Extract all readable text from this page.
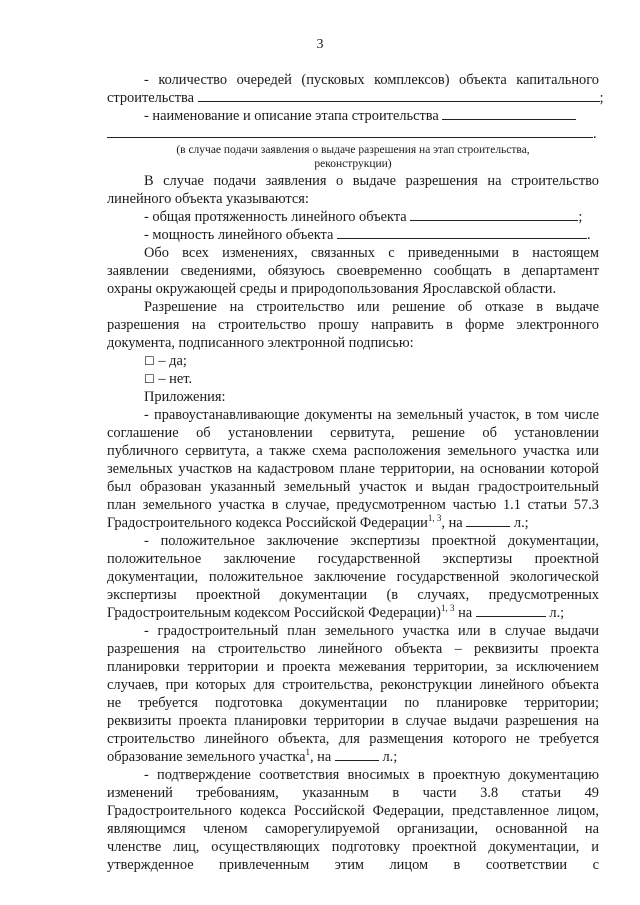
3
- количество очередей (пусковых комплексов) объекта капитального
строительства	;
- наименование и описание этапа строительства
.
(в случае подачи заявления о выдаче разрешения на этап строительства,
реконструкции)
В случае подачи заявления о выдаче разрешения на строительство
линейного объекта указываются:
- общая протяженность линейного объекта	;
- мощность линейного объекта	.
Обо всех изменениях, связанных с приведенными в настоящем
заявлении сведениями, обязуюсь своевременно сообщать в департамент
охраны окружающей среды и природопользования Ярославской области.
Разрешение на строительство или решение об отказе в выдаче
разрешения на строительство прошу направить в форме электронного
документа, подписанного электронной подписью:
☐ – да;
☐ – нет.
Приложения:
- правоустанавливающие документы на земельный участок, в том числе
соглашение об установлении сервитута, решение об установлении
публичного сервитута, а также схема расположения земельного участка или
земельных участков на кадастровом плане территории, на основании которой
был образован указанный земельный участок и выдан градостроительный
план земельного участка в случае, предусмотренном частью 1.1 статьи 57.3
Градостроительного кодекса Российской Федерации$^{1, 3}$, на	л.;
- положительное заключение экспертизы проектной документации,
положительное заключение государственной экспертизы проектной
документации, положительное заключение государственной экологической
экспертизы проектной документации (в случаях, предусмотренных
Градостроительным кодексом Российской Федерации)$^{1, 3}$ на	л.;
- градостроительный план земельного участка или в случае выдачи
разрешения на строительство линейного объекта – реквизиты проекта
планировки территории и проекта межевания территории, за исключением
случаев, при которых для строительства, реконструкции линейного объекта
не требуется подготовка документации по планировке территории;
реквизиты проекта планировки территории в случае выдачи разрешения на
строительство линейного объекта, для размещения которого не требуется
образование земельного участка$^1$, на	л.;
- подтверждение соответствия вносимых в проектную документацию
изменений требованиям, указанным в части 3.8 статьи 49
Градостроительного кодекса Российской Федерации, представленное лицом,
являющимся членом саморегулируемой организации, основанной на
членстве лиц, осуществляющих подготовку проектной документации, и
утвержденное привлеченным этим лицом в соответствии с
